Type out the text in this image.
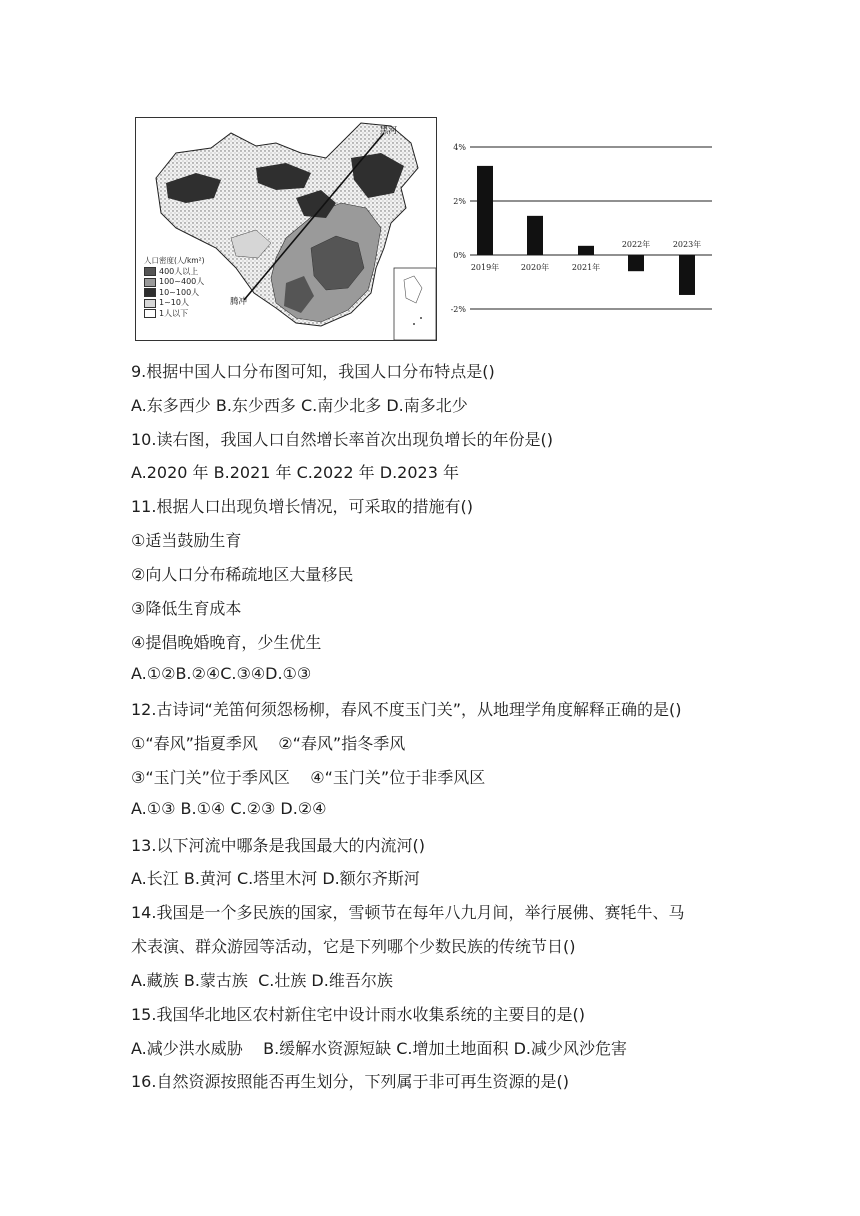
黑河
腾冲
人口密度(人/km²)
400人以上
100~400人
10~100人
1~10人
1人以下
4%
2%
0%
-2%
2019年	2020年	2021年
2022年	2023年
9.根据中国人口分布图可知，我国人口分布特点是()
A.东多西少 B.东少西多 C.南少北多 D.南多北少
10.读右图，我国人口自然增长率首次出现负增长的年份是()
A.2020 年 B.2021 年 C.2022 年 D.2023 年
11.根据人口出现负增长情况，可采取的措施有()
①适当鼓励生育
②向人口分布稀疏地区大量移民
③降低生育成本
④提倡晚婚晚育，少生优生
A.①②B.②④C.③④D.①③
12.古诗词“羌笛何须怨杨柳，春风不度玉门关”，从地理学角度解释正确的是()
①“春风”指夏季风    ②“春风”指冬季风
③“玉门关”位于季风区    ④“玉门关”位于非季风区
A.①③ B.①④ C.②③ D.②④
13.以下河流中哪条是我国最大的内流河()
A.长江 B.黄河 C.塔里木河 D.额尔齐斯河
14.我国是一个多民族的国家，雪顿节在每年八九月间，举行展佛、赛牦牛、马
术表演、群众游园等活动，它是下列哪个少数民族的传统节日()
A.藏族 B.蒙古族  C.壮族 D.维吾尔族
15.我国华北地区农村新住宅中设计雨水收集系统的主要目的是()
A.减少洪水威胁    B.缓解水资源短缺 C.增加土地面积 D.减少风沙危害
16.自然资源按照能否再生划分，下列属于非可再生资源的是()
